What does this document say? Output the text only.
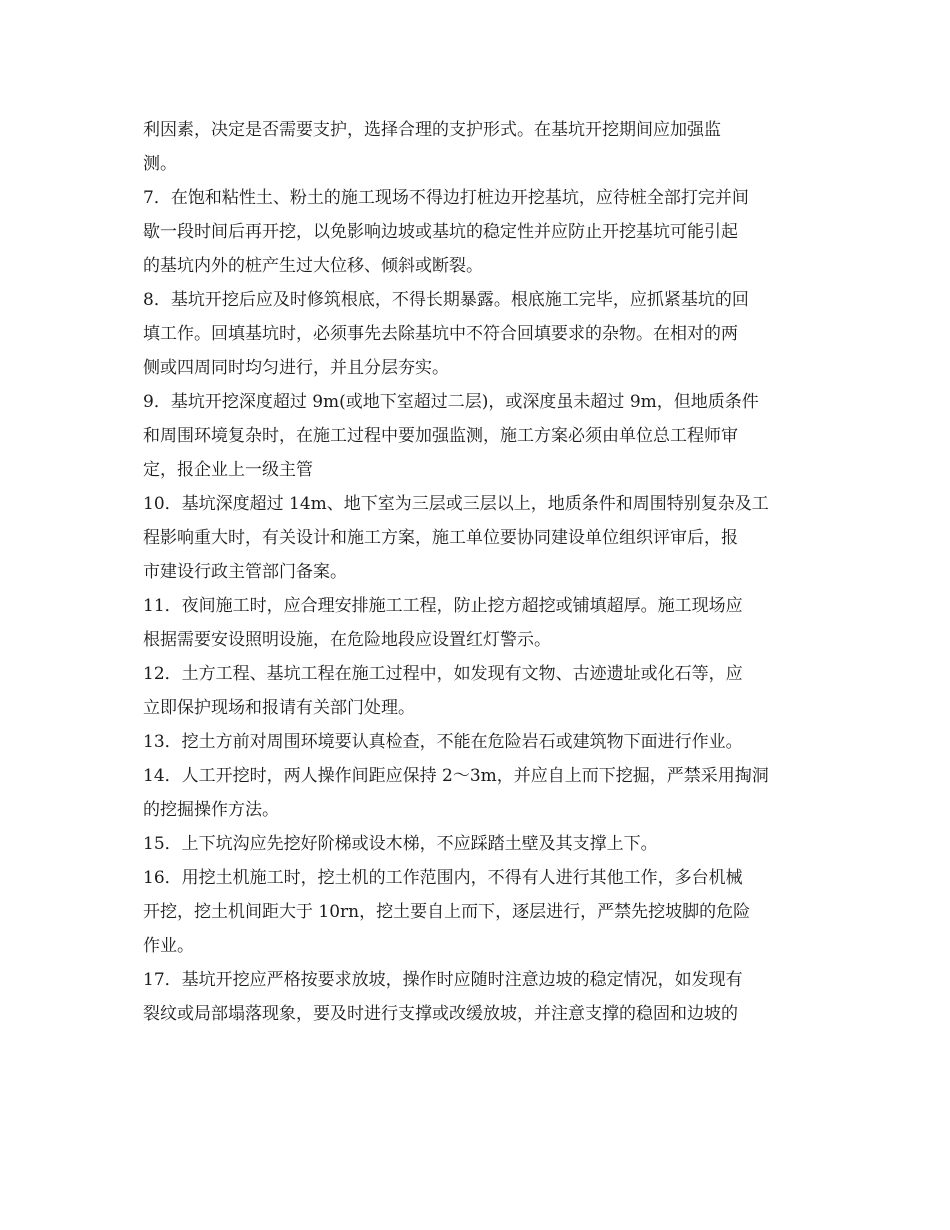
利因素，决定是否需要支护，选择合理的支护形式。在基坑开挖期间应加强监
测。

7．在饱和粘性土、粉土的施工现场不得边打桩边开挖基坑，应待桩全部打完并间
歇一段时间后再开挖，以免影响边坡或基坑的稳定性并应防止开挖基坑可能引起
的基坑内外的桩产生过大位移、倾斜或断裂。

8．基坑开挖后应及时修筑根底，不得长期暴露。根底施工完毕，应抓紧基坑的回
填工作。回填基坑时，必须事先去除基坑中不符合回填要求的杂物。在相对的两
侧或四周同时均匀进行，并且分层夯实。

9．基坑开挖深度超过 9m(或地下室超过二层)，或深度虽未超过 9m，但地质条件
和周围环境复杂时，在施工过程中要加强监测，施工方案必须由单位总工程师审
定，报企业上一级主管

10．基坑深度超过 14m、地下室为三层或三层以上，地质条件和周围特别复杂及工
程影响重大时，有关设计和施工方案，施工单位要协同建设单位组织评审后，报
市建设行政主管部门备案。

11．夜间施工时，应合理安排施工工程，防止挖方超挖或铺填超厚。施工现场应
根据需要安设照明设施，在危险地段应设置红灯警示。

12．土方工程、基坑工程在施工过程中，如发现有文物、古迹遗址或化石等，应
立即保护现场和报请有关部门处理。

13．挖土方前对周围环境要认真检查，不能在危险岩石或建筑物下面进行作业。

14．人工开挖时，两人操作间距应保持 2～3m，并应自上而下挖掘，严禁采用掏洞
的挖掘操作方法。

15．上下坑沟应先挖好阶梯或设木梯，不应踩踏土壁及其支撑上下。

16．用挖土机施工时，挖土机的工作范围内，不得有人进行其他工作，多台机械
开挖，挖土机间距大于 10rn，挖土要自上而下，逐层进行，严禁先挖坡脚的危险
作业。

17．基坑开挖应严格按要求放坡，操作时应随时注意边坡的稳定情况，如发现有
裂纹或局部塌落现象，要及时进行支撑或改缓放坡，并注意支撑的稳固和边坡的
